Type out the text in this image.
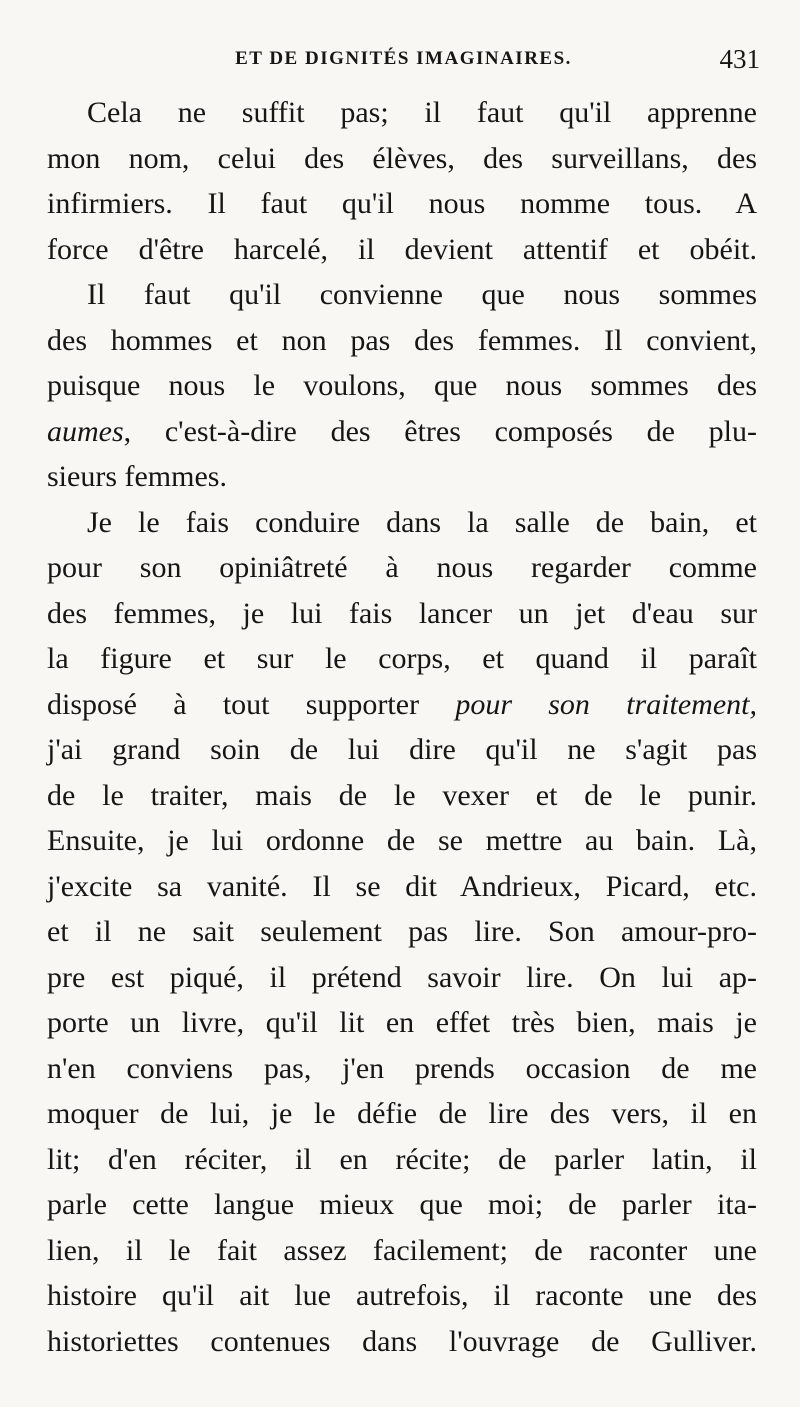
ET DE DIGNITÉS IMAGINAIRES.	431
Cela ne suffit pas; il faut qu'il apprenne
mon nom, celui des élèves, des surveillans, des
infirmiers. Il faut qu'il nous nomme tous. A
force d'être harcelé, il devient attentif et obéit.
Il faut qu'il convienne que nous sommes
des hommes et non pas des femmes. Il convient,
puisque nous le voulons, que nous sommes des
aumes, c'est-à-dire des êtres composés de plu-
sieurs femmes.
Je le fais conduire dans la salle de bain, et
pour son opiniâtreté à nous regarder comme
des femmes, je lui fais lancer un jet d'eau sur
la figure et sur le corps, et quand il paraît
disposé à tout supporter pour son traitement,
j'ai grand soin de lui dire qu'il ne s'agit pas
de le traiter, mais de le vexer et de le punir.
Ensuite, je lui ordonne de se mettre au bain. Là,
j'excite sa vanité. Il se dit Andrieux, Picard, etc.
et il ne sait seulement pas lire. Son amour-pro-
pre est piqué, il prétend savoir lire. On lui ap-
porte un livre, qu'il lit en effet très bien, mais je
n'en conviens pas, j'en prends occasion de me
moquer de lui, je le défie de lire des vers, il en
lit; d'en réciter, il en récite; de parler latin, il
parle cette langue mieux que moi; de parler ita-
lien, il le fait assez facilement; de raconter une
histoire qu'il ait lue autrefois, il raconte une des
historiettes contenues dans l'ouvrage de Gulliver.
